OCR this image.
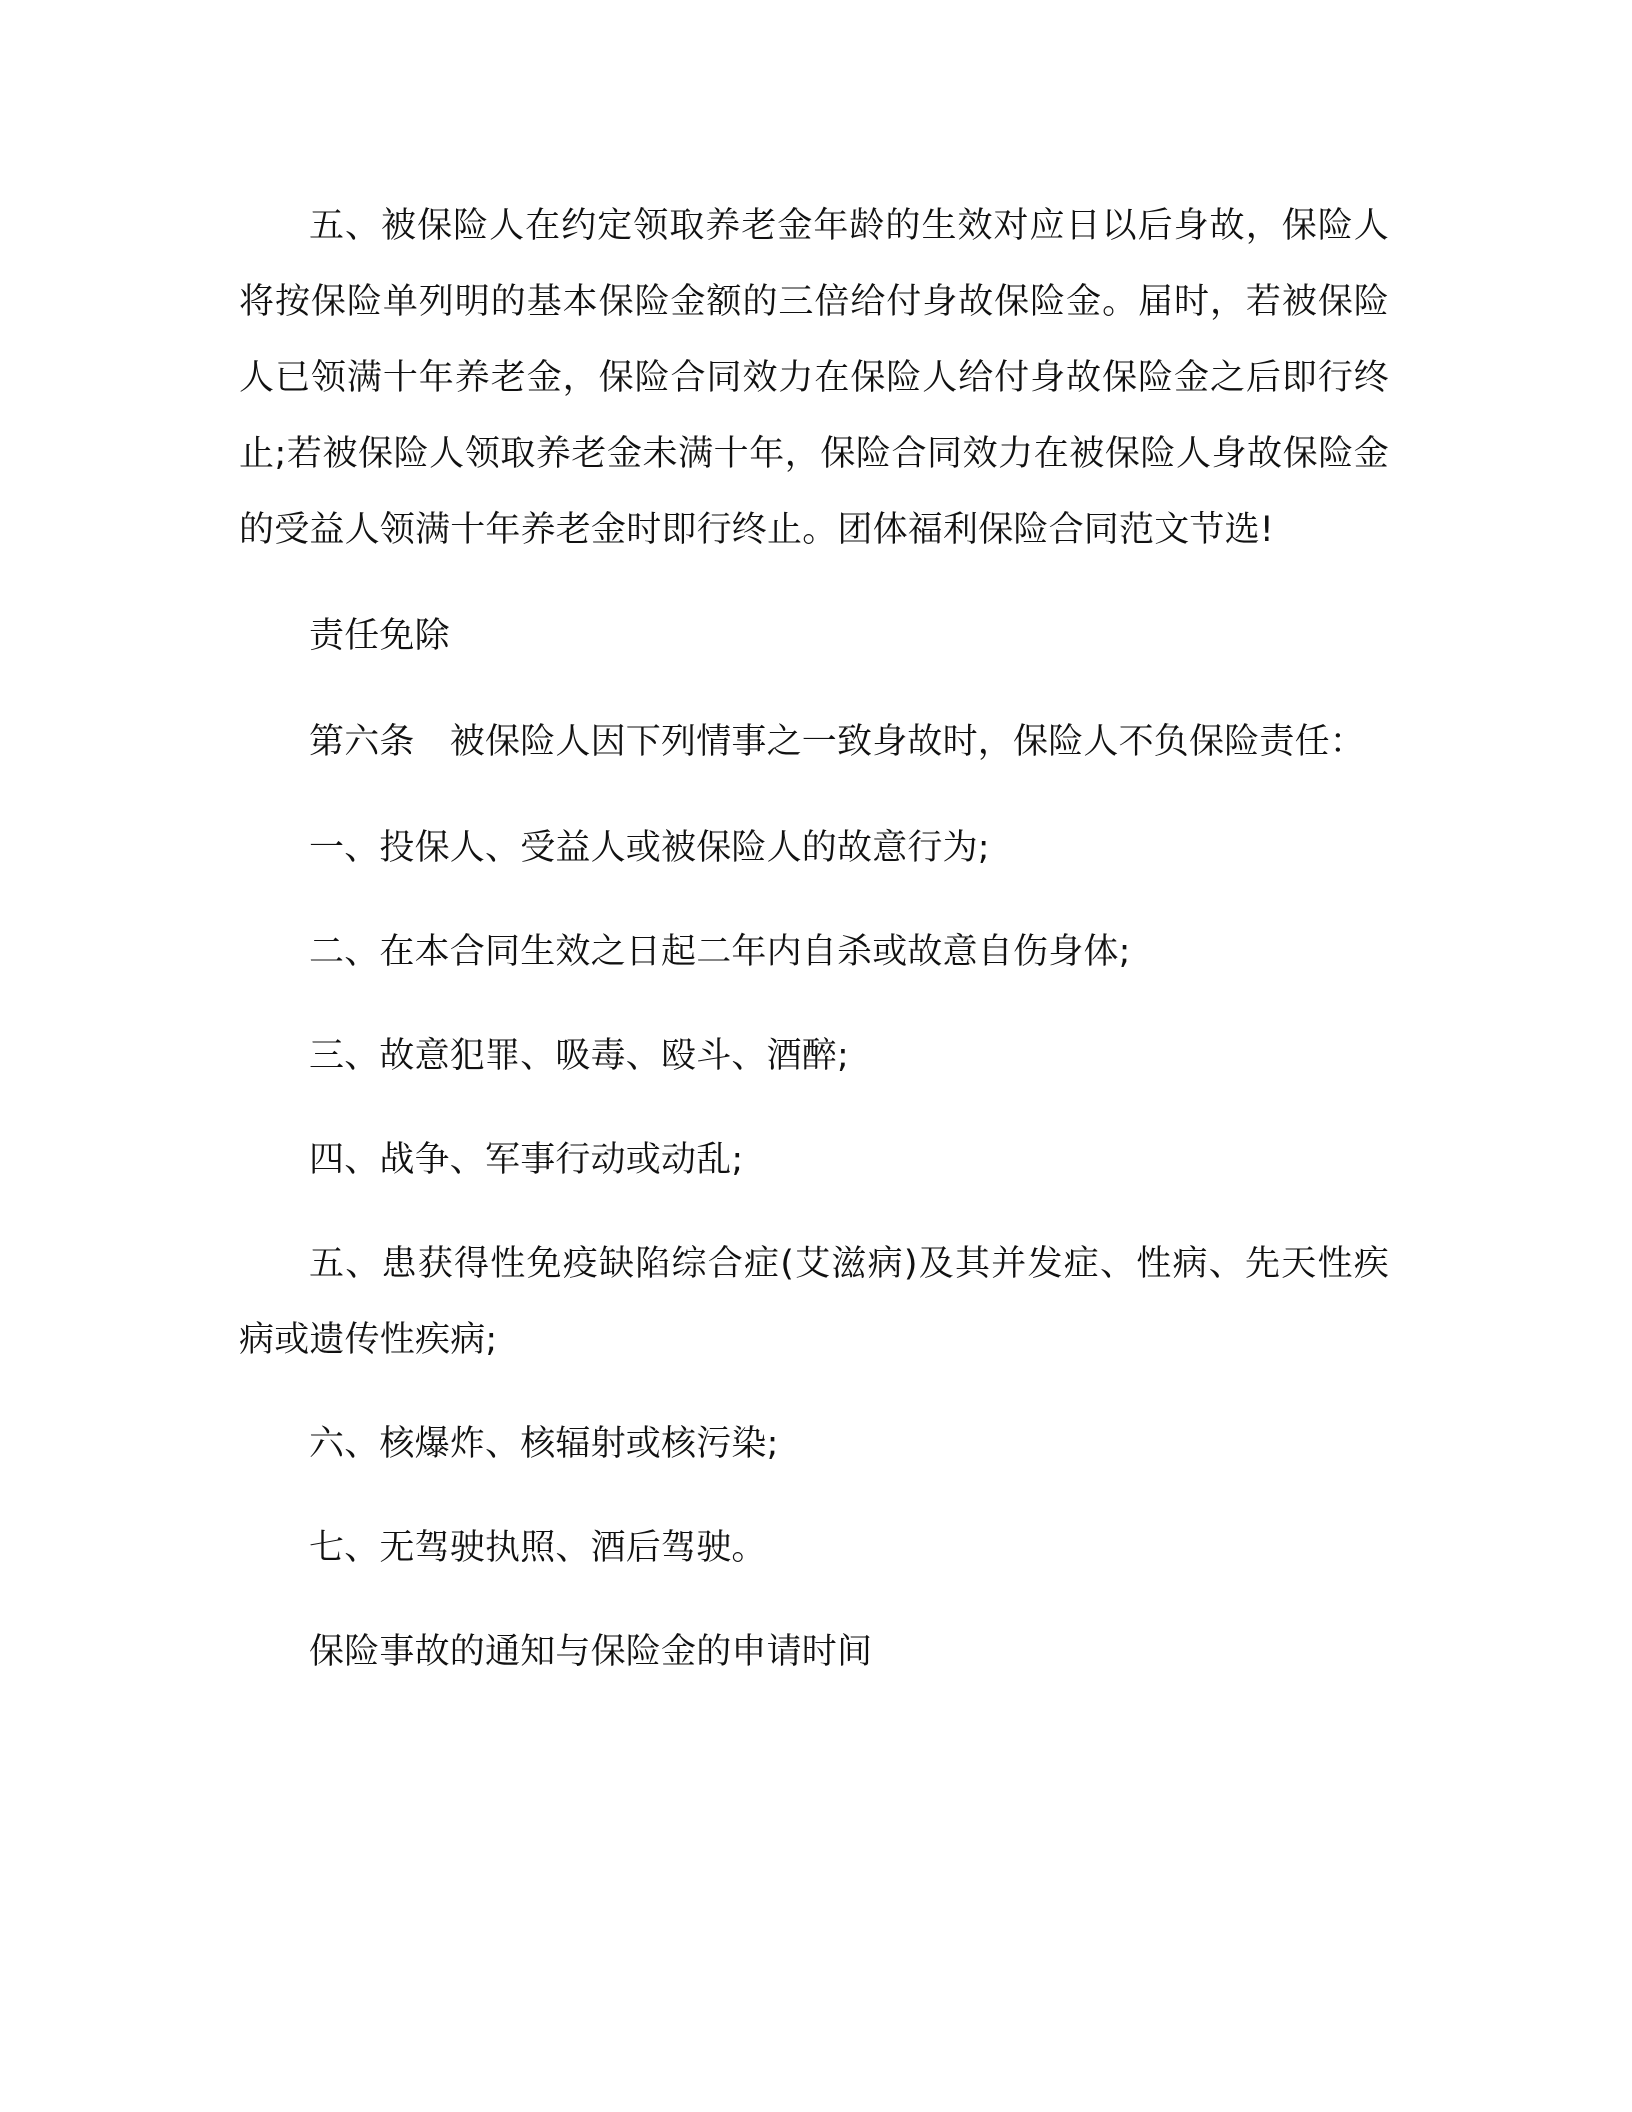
五、被保险人在约定领取养老金年龄的生效对应日以后身故，保险人将按保险单列明的基本保险金额的三倍给付身故保险金。届时，若被保险人已领满十年养老金，保险合同效力在保险人给付身故保险金之后即行终止;若被保险人领取养老金未满十年，保险合同效力在被保险人身故保险金的受益人领满十年养老金时即行终止。团体福利保险合同范文节选!

责任免除

第六条　被保险人因下列情事之一致身故时，保险人不负保险责任：

一、投保人、受益人或被保险人的故意行为;

二、在本合同生效之日起二年内自杀或故意自伤身体;

三、故意犯罪、吸毒、殴斗、酒醉;

四、战争、军事行动或动乱;

五、患获得性免疫缺陷综合症(艾滋病)及其并发症、性病、先天性疾病或遗传性疾病;

六、核爆炸、核辐射或核污染;

七、无驾驶执照、酒后驾驶。

保险事故的通知与保险金的申请时间
